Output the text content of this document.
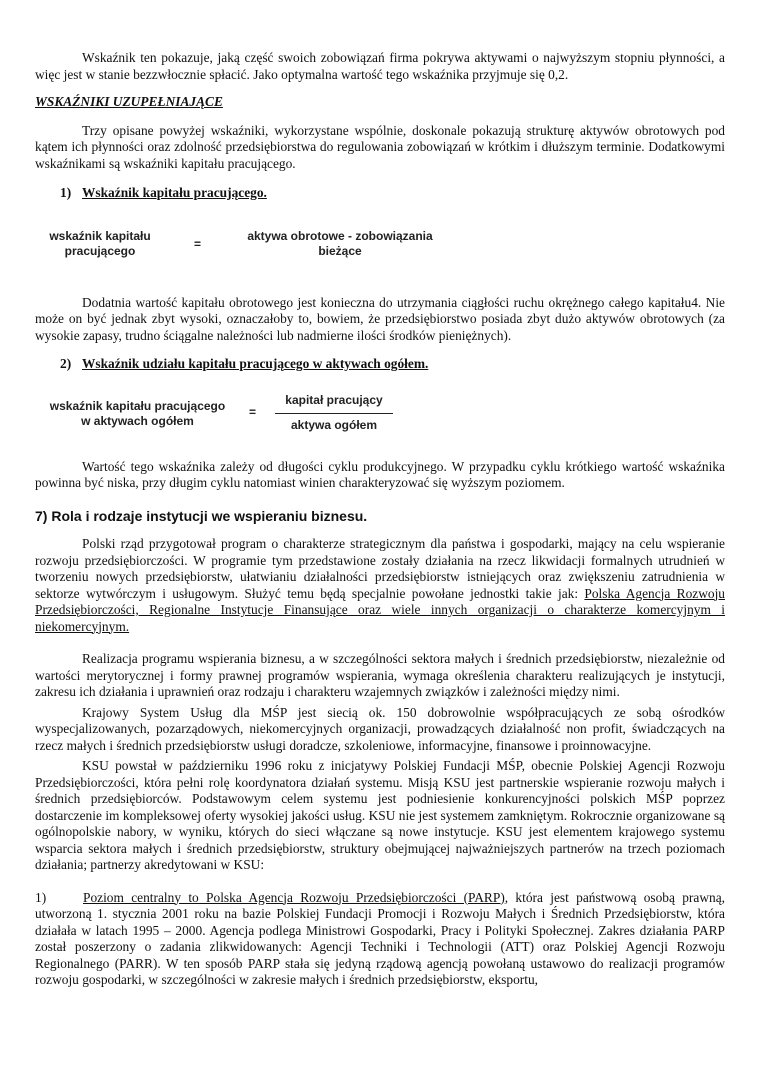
Wskaźnik ten pokazuje, jaką część swoich zobowiązań firma pokrywa aktywami o najwyższym stopniu płynności, a więc jest w stanie bezzwłocznie spłacić. Jako optymalna wartość tego wskaźnika przyjmuje się 0,2.

WSKAŹNIKI UZUPEŁNIAJĄCE

Trzy opisane powyżej wskaźniki, wykorzystane wspólnie, doskonale pokazują strukturę aktywów obrotowych pod kątem ich płynności oraz zdolność przedsiębiorstwa do regulowania zobowiązań w krótkim i dłuższym terminie. Dodatkowymi wskaźnikami są wskaźniki kapitału pracującego.

1) Wskaźnik kapitału pracującego.
wskaźnik kapitału
pracującego	=
aktywa obrotowe - zobowiązania
bieżące

Dodatnia wartość kapitału obrotowego jest konieczna do utrzymania ciągłości ruchu okrężnego całego kapitału4. Nie może on być jednak zbyt wysoki, oznaczałoby to, bowiem, że przedsiębiorstwo posiada zbyt dużo aktywów obrotowych (za wysokie zapasy, trudno ściągalne należności lub nadmierne ilości środków pieniężnych).

2) Wskaźnik udziału kapitału pracującego w aktywach ogółem.
wskaźnik kapitału pracującego
w aktywach ogółem
=
kapitał pracujący
aktywa ogółem

Wartość tego wskaźnika zależy od długości cyklu produkcyjnego. W przypadku cyklu krótkiego wartość wskaźnika powinna być niska, przy długim cyklu natomiast winien charakteryzować się wyższym poziomem.

7) Rola i rodzaje instytucji we wspieraniu biznesu.

Polski rząd przygotował program o charakterze strategicznym dla państwa i gospodarki, mający na celu wspieranie rozwoju przedsiębiorczości. W programie tym przedstawione zostały działania na rzecz likwidacji formalnych utrudnień w tworzeniu nowych przedsiębiorstw, ułatwianiu działalności przedsiębiorstw istniejących oraz zwiększeniu zatrudnienia w sektorze wytwórczym i usługowym. Służyć temu będą specjalnie powołane jednostki takie jak: Polska Agencja Rozwoju Przedsiębiorczości, Regionalne Instytucje Finansujące oraz wiele innych organizacji o charakterze komercyjnym i niekomercyjnym.

Realizacja programu wspierania biznesu, a w szczególności sektora małych i średnich przedsiębiorstw, niezależnie od wartości merytorycznej i formy prawnej programów wspierania, wymaga określenia charakteru realizujących je instytucji, zakresu ich działania i uprawnień oraz rodzaju i charakteru wzajemnych związków i zależności między nimi.

Krajowy System Usług dla MŚP jest siecią ok. 150 dobrowolnie współpracujących ze sobą ośrodków wyspecjalizowanych, pozarządowych, niekomercyjnych organizacji, prowadzących działalność non profit, świadczących na rzecz małych i średnich przedsiębiorstw usługi doradcze, szkoleniowe, informacyjne, finansowe i proinnowacyjne.

KSU powstał w październiku 1996 roku z inicjatywy Polskiej Fundacji MŚP, obecnie Polskiej Agencji Rozwoju Przedsiębiorczości, która pełni rolę koordynatora działań systemu. Misją KSU jest partnerskie wspieranie rozwoju małych i średnich przedsiębiorców. Podstawowym celem systemu jest podniesienie konkurencyjności polskich MŚP poprzez dostarczenie im kompleksowej oferty wysokiej jakości usług. KSU nie jest systemem zamkniętym. Rokrocznie organizowane są ogólnopolskie nabory, w wyniku, których do sieci włączane są nowe instytucje. KSU jest elementem krajowego systemu wsparcia sektora małych i średnich przedsiębiorstw, struktury obejmującej najważniejszych partnerów na trzech poziomach działania; partnerzy akredytowani w KSU:

1)	Poziom centralny to Polska Agencja Rozwoju Przedsiębiorczości (PARP), która jest państwową osobą prawną, utworzoną 1. stycznia 2001 roku na bazie Polskiej Fundacji Promocji i Rozwoju Małych i Średnich Przedsiębiorstw, która działała w latach 1995 – 2000. Agencja podlega Ministrowi Gospodarki, Pracy i Polityki Społecznej. Zakres działania PARP został poszerzony o zadania zlikwidowanych: Agencji Techniki i Technologii (ATT) oraz Polskiej Agencji Rozwoju Regionalnego (PARR). W ten sposób PARP stała się jedyną rządową agencją powołaną ustawowo do realizacji programów rozwoju gospodarki, w szczególności w zakresie małych i średnich przedsiębiorstw, eksportu,
